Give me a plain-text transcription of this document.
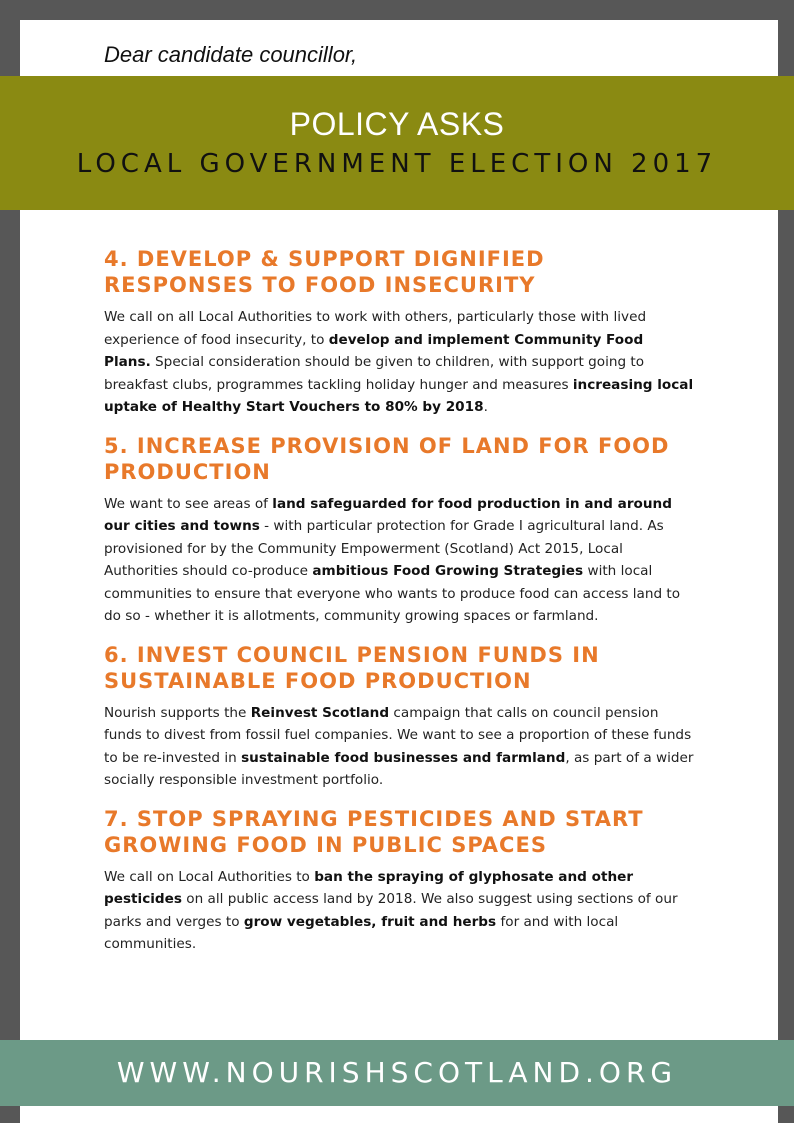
Dear candidate councillor,

POLICY ASKS
LOCAL GOVERNMENT ELECTION 2017
4. DEVELOP & SUPPORT DIGNIFIED RESPONSES TO FOOD INSECURITY

We call on all Local Authorities to work with others, particularly those with lived experience of food insecurity, to develop and implement Community Food Plans. Special consideration should be given to children, with support going to breakfast clubs, programmes tackling holiday hunger and measures increasing local uptake of Healthy Start Vouchers to 80% by 2018.

5. INCREASE PROVISION OF LAND FOR FOOD PRODUCTION

We want to see areas of land safeguarded for food production in and around our cities and towns - with particular protection for Grade I agricultural land. As provisioned for by the Community Empowerment (Scotland) Act 2015, Local Authorities should co-produce ambitious Food Growing Strategies with local communities to ensure that everyone who wants to produce food can access land to do so - whether it is allotments, community growing spaces or farmland.

6. INVEST COUNCIL PENSION FUNDS IN SUSTAINABLE FOOD PRODUCTION

Nourish supports the Reinvest Scotland campaign that calls on council pension funds to divest from fossil fuel companies. We want to see a proportion of these funds to be re-invested in sustainable food businesses and farmland, as part of a wider socially responsible investment portfolio.

7. STOP SPRAYING PESTICIDES AND START GROWING FOOD IN PUBLIC SPACES

We call on Local Authorities to ban the spraying of glyphosate and other pesticides on all public access land by 2018. We also suggest using sections of our parks and verges to grow vegetables, fruit and herbs for and with local communities.

WWW.NOURISHSCOTLAND.ORG
